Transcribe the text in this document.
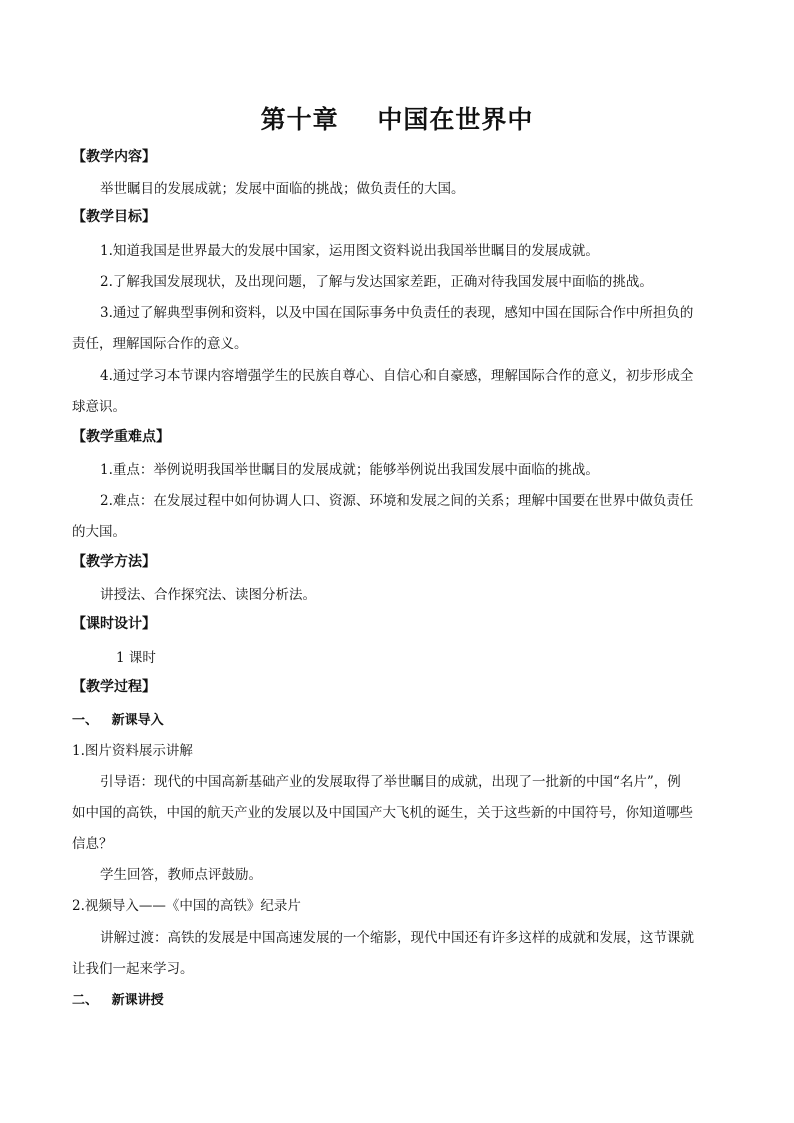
第十章    中国在世界中
【教学内容】
举世瞩目的发展成就；发展中面临的挑战；做负责任的大国。
【教学目标】
1.知道我国是世界最大的发展中国家，运用图文资料说出我国举世瞩目的发展成就。
2.了解我国发展现状，及出现问题，了解与发达国家差距，正确对待我国发展中面临的挑战。
3.通过了解典型事例和资料，以及中国在国际事务中负责任的表现，感知中国在国际合作中所担负的
责任，理解国际合作的意义。
4.通过学习本节课内容增强学生的民族自尊心、自信心和自豪感，理解国际合作的意义，初步形成全
球意识。
【教学重难点】
1.重点：举例说明我国举世瞩目的发展成就；能够举例说出我国发展中面临的挑战。
2.难点：在发展过程中如何协调人口、资源、环境和发展之间的关系；理解中国要在世界中做负责任
的大国。
【教学方法】
讲授法、合作探究法、读图分析法。
【课时设计】
1 课时
【教学过程】
一、   新课导入
1.图片资料展示讲解
引导语：现代的中国高新基础产业的发展取得了举世瞩目的成就，出现了一批新的中国“名片”，例
如中国的高铁，中国的航天产业的发展以及中国国产大飞机的诞生，关于这些新的中国符号，你知道哪些
信息？
学生回答，教师点评鼓励。
2.视频导入——《中国的高铁》纪录片
讲解过渡：高铁的发展是中国高速发展的一个缩影，现代中国还有许多这样的成就和发展，这节课就
让我们一起来学习。
二、   新课讲授
